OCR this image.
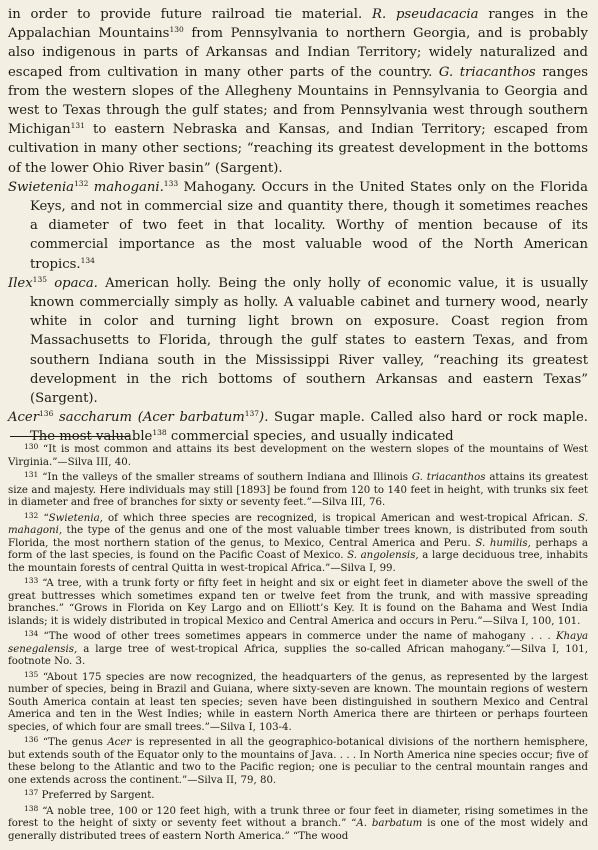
in order to provide future railroad tie material. R. pseudacacia ranges in the Appalachian Mountains$^{130}$ from Pennsylvania to northern Georgia, and is probably also indigenous in parts of Arkansas and Indian Territory; widely naturalized and escaped from cultivation in many other parts of the country. G. triacanthos ranges from the western slopes of the Allegheny Mountains in Pennsylvania to Georgia and west to Texas through the gulf states; and from Pennsylvania west through southern Michigan$^{131}$ to eastern Nebraska and Kansas, and Indian Territory; escaped from cultivation in many other sections; “reaching its greatest development in the bottoms of the lower Ohio River basin” (Sargent).

Swietenia$^{132}$ mahogani.$^{133}$ Mahogany. Occurs in the United States only on the Florida Keys, and not in commercial size and quantity there, though it sometimes reaches a diameter of two feet in that locality. Worthy of mention because of its commercial importance as the most valuable wood of the North American tropics.$^{134}$

Ilex$^{135}$ opaca. American holly. Being the only holly of economic value, it is usually known commercially simply as holly. A valuable cabinet and turnery wood, nearly white in color and turning light brown on exposure. Coast region from Massachusetts to Florida, through the gulf states to eastern Texas, and from southern Indiana south in the Mississippi River valley, “reaching its greatest development in the rich bottoms of southern Arkansas and eastern Texas” (Sargent).

Acer$^{136}$ saccharum (Acer barbatum$^{137}$). Sugar maple. Called also hard or rock maple. The most valuable$^{138}$ commercial species, and usually indicated

$^{130}$ “It is most common and attains its best development on the western slopes of the mountains of West Virginia.”—Silva III, 40.

$^{131}$ “In the valleys of the smaller streams of southern Indiana and Illinois G. triacanthos attains its greatest size and majesty. Here individuals may still [1893] be found from 120 to 140 feet in height, with trunks six feet in diameter and free of branches for sixty or seventy feet.”—Silva III, 76.

$^{132}$ “Swietenia, of which three species are recognized, is tropical American and west-tropical African. S. mahagoni, the type of the genus and one of the most valuable timber trees known, is distributed from south Florida, the most northern station of the genus, to Mexico, Central America and Peru. S. humilis, perhaps a form of the last species, is found on the Pacific Coast of Mexico. S. angolensis, a large deciduous tree, inhabits the mountain forests of central Quitta in west-tropical Africa.”—Silva I, 99.

$^{133}$ “A tree, with a trunk forty or fifty feet in height and six or eight feet in diameter above the swell of the great buttresses which sometimes expand ten or twelve feet from the trunk, and with massive spreading branches.” “Grows in Florida on Key Largo and on Elliott’s Key. It is found on the Bahama and West India islands; it is widely distributed in tropical Mexico and Central America and occurs in Peru.”—Silva I, 100, 101.

$^{134}$ “The wood of other trees sometimes appears in commerce under the name of mahogany . . . Khaya senegalensis, a large tree of west-tropical Africa, supplies the so-called African mahogany.”—Silva I, 101, footnote No. 3.

$^{135}$ “About 175 species are now recognized, the headquarters of the genus, as represented by the largest number of species, being in Brazil and Guiana, where sixty-seven are known. The mountain regions of western South America contain at least ten species; seven have been distinguished in southern Mexico and Central America and ten in the West Indies; while in eastern North America there are thirteen or perhaps fourteen species, of which four are small trees.”—Silva I, 103-4.

$^{136}$ “The genus Acer is represented in all the geographico-botanical divisions of the northern hemisphere, but extends south of the Equator only to the mountains of Java. . . . In North America nine species occur; five of these belong to the Atlantic and two to the Pacific region; one is peculiar to the central mountain ranges and one extends across the continent.”—Silva II, 79, 80.

$^{137}$ Preferred by Sargent.

$^{138}$ “A noble tree, 100 or 120 feet high, with a trunk three or four feet in diameter, rising sometimes in the forest to the height of sixty or seventy feet without a branch.” “A. barbatum is one of the most widely and generally distributed trees of eastern North America.” “The wood
